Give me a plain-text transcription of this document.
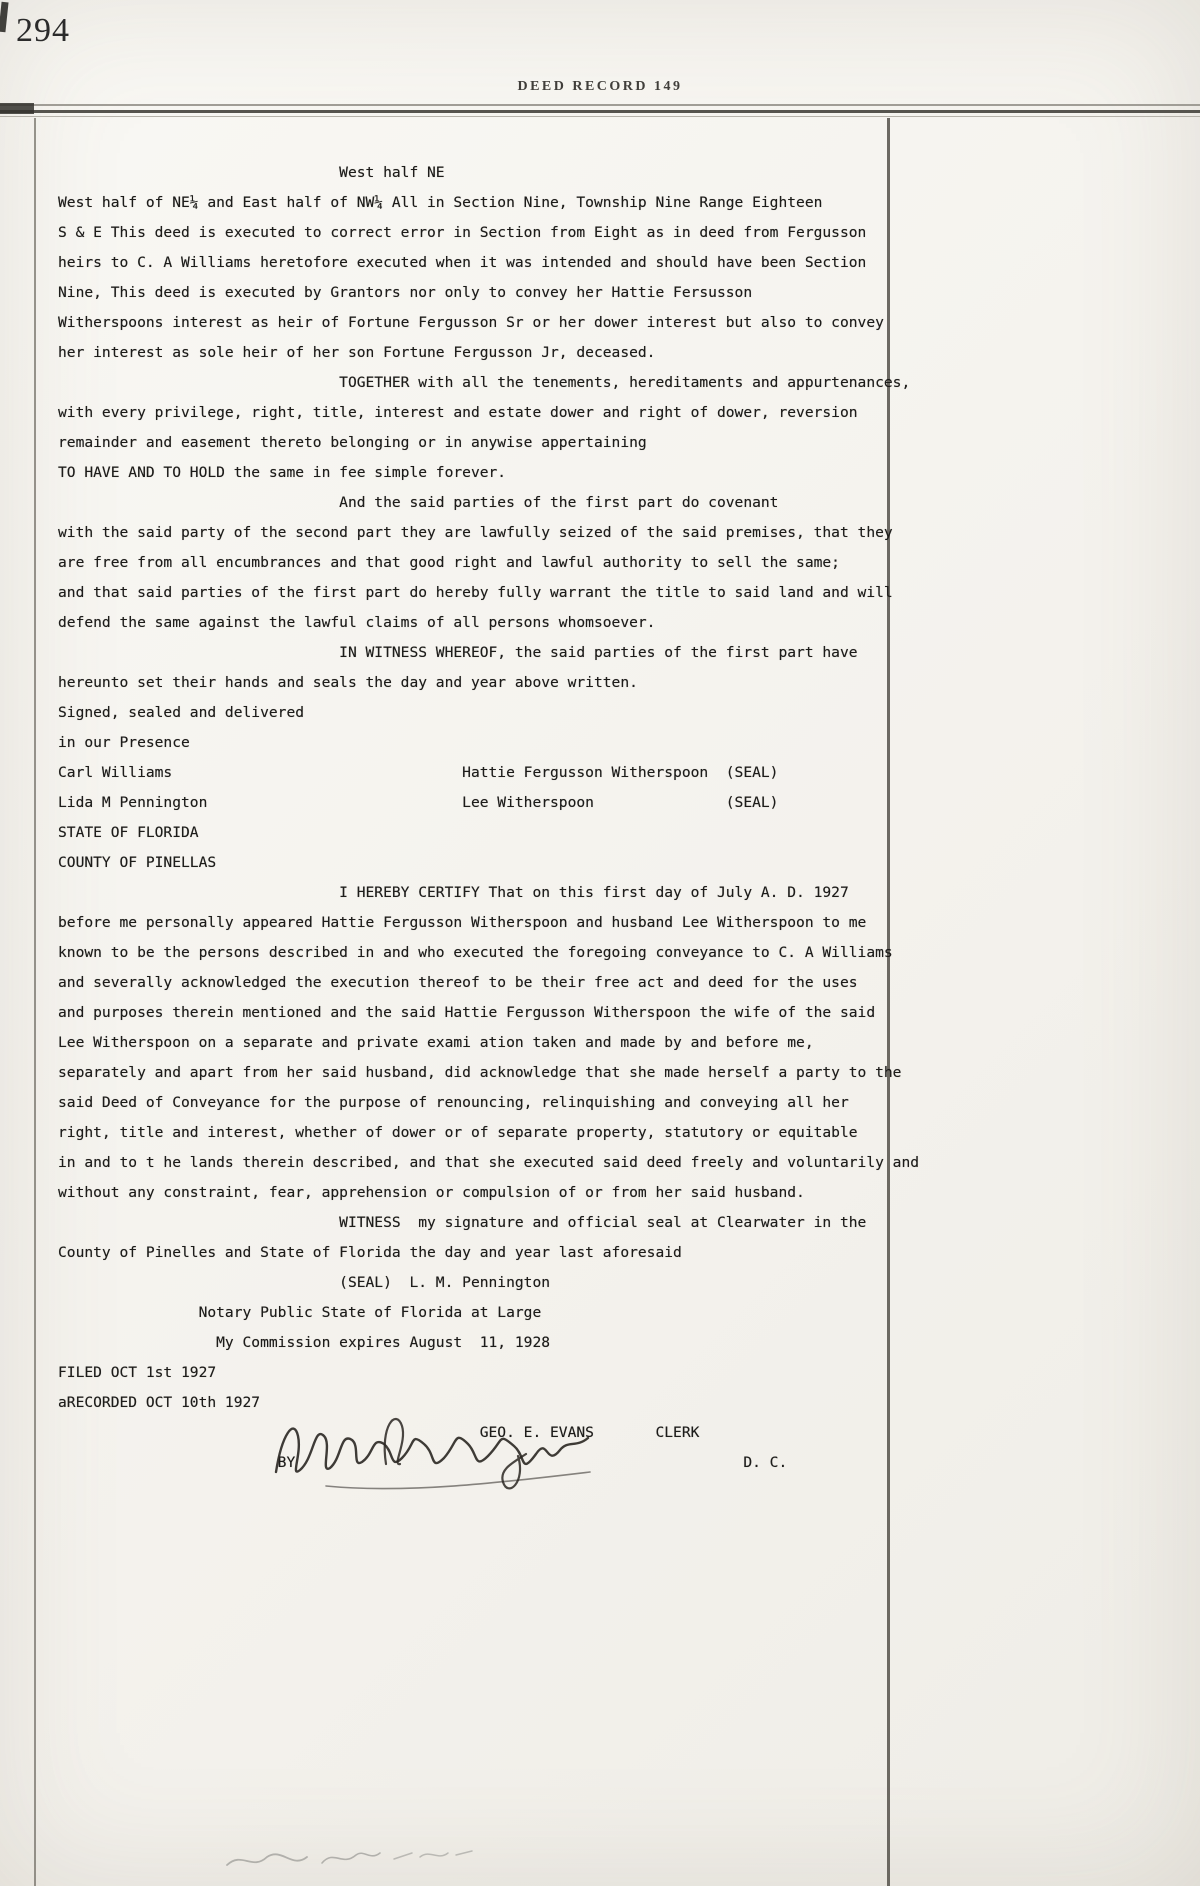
294
DEED RECORD 149
West half NE
West half of NE¼ and East half of NW¼ All in Section Nine, Township Nine Range Eighteen
S & E This deed is executed to correct error in Section from Eight as in deed from Fergusson
heirs to C. A Williams heretofore executed when it was intended and should have been Section
Nine, This deed is executed by Grantors nor only to convey her Hattie Fersusson
Witherspoons interest as heir of Fortune Fergusson Sr or her dower interest but also to convey
her interest as sole heir of her son Fortune Fergusson Jr, deceased.
TOGETHER with all the tenements, hereditaments and appurtenances,
with every privilege, right, title, interest and estate dower and right of dower, reversion
remainder and easement thereto belonging or in anywise appertaining
TO HAVE AND TO HOLD the same in fee simple forever.
And the said parties of the first part do covenant
with the said party of the second part they are lawfully seized of the said premises, that they
are free from all encumbrances and that good right and lawful authority to sell the same;
and that said parties of the first part do hereby fully warrant the title to said land and will
defend the same against the lawful claims of all persons whomsoever.
IN WITNESS WHEREOF, the said parties of the first part have
hereunto set their hands and seals the day and year above written.
Signed, sealed and delivered
in our Presence
Carl Williams                                 Hattie Fergusson Witherspoon  (SEAL)
Lida M Pennington                             Lee Witherspoon               (SEAL)
STATE OF FLORIDA
COUNTY OF PINELLAS
I HEREBY CERTIFY That on this first day of July A. D. 1927
before me personally appeared Hattie Fergusson Witherspoon and husband Lee Witherspoon to me
known to be the persons described in and who executed the foregoing conveyance to C. A Williams
and severally acknowledged the execution thereof to be their free act and deed for the uses
and purposes therein mentioned and the said Hattie Fergusson Witherspoon the wife of the said
Lee Witherspoon on a separate and private exami ation taken and made by and before me,
separately and apart from her said husband, did acknowledge that she made herself a party to the
said Deed of Conveyance for the purpose of renouncing, relinquishing and conveying all her
right, title and interest, whether of dower or of separate property, statutory or equitable
in and to t he lands therein described, and that she executed said deed freely and voluntarily and
without any constraint, fear, apprehension or compulsion of or from her said husband.
WITNESS  my signature and official seal at Clearwater in the
County of Pinelles and State of Florida the day and year last aforesaid
(SEAL)  L. M. Pennington
Notary Public State of Florida at Large
My Commission expires August  11, 1928
FILED OCT 1st 1927
aRECORDED OCT 10th 1927
GEO. E. EVANS       CLERK
BY                                                   D. C.
